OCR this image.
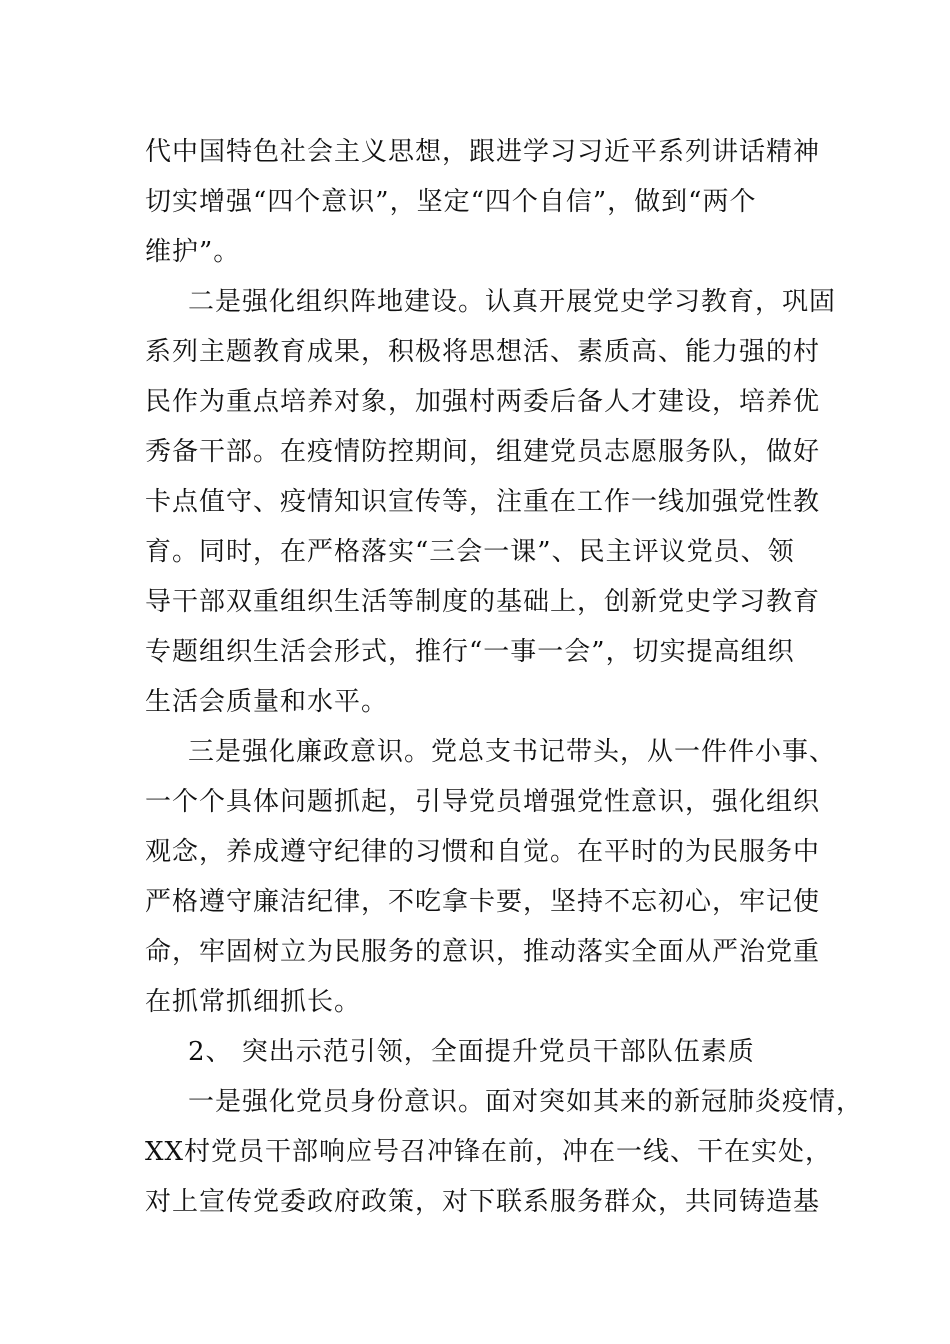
代中国特色社会主义思想，跟进学习习近平系列讲话精神
切实增强“四个意识”，坚定“四个自信”，做到“两个
维护”。
二是强化组织阵地建设。认真开展党史学习教育，巩固
系列主题教育成果，积极将思想活、素质高、能力强的村
民作为重点培养对象，加强村两委后备人才建设，培养优
秀备干部。在疫情防控期间，组建党员志愿服务队，做好
卡点值守、疫情知识宣传等，注重在工作一线加强党性教
育。同时，在严格落实“三会一课”、民主评议党员、领
导干部双重组织生活等制度的基础上，创新党史学习教育
专题组织生活会形式，推行“一事一会”，切实提高组织
生活会质量和水平。
三是强化廉政意识。党总支书记带头，从一件件小事、
一个个具体问题抓起，引导党员增强党性意识，强化组织
观念，养成遵守纪律的习惯和自觉。在平时的为民服务中
严格遵守廉洁纪律，不吃拿卡要，坚持不忘初心，牢记使
命，牢固树立为民服务的意识，推动落实全面从严治党重
在抓常抓细抓长。
2、 突出示范引领，全面提升党员干部队伍素质
一是强化党员身份意识。面对突如其来的新冠肺炎疫情，
XX村党员干部响应号召冲锋在前，冲在一线、干在实处，
对上宣传党委政府政策，对下联系服务群众，共同铸造基
